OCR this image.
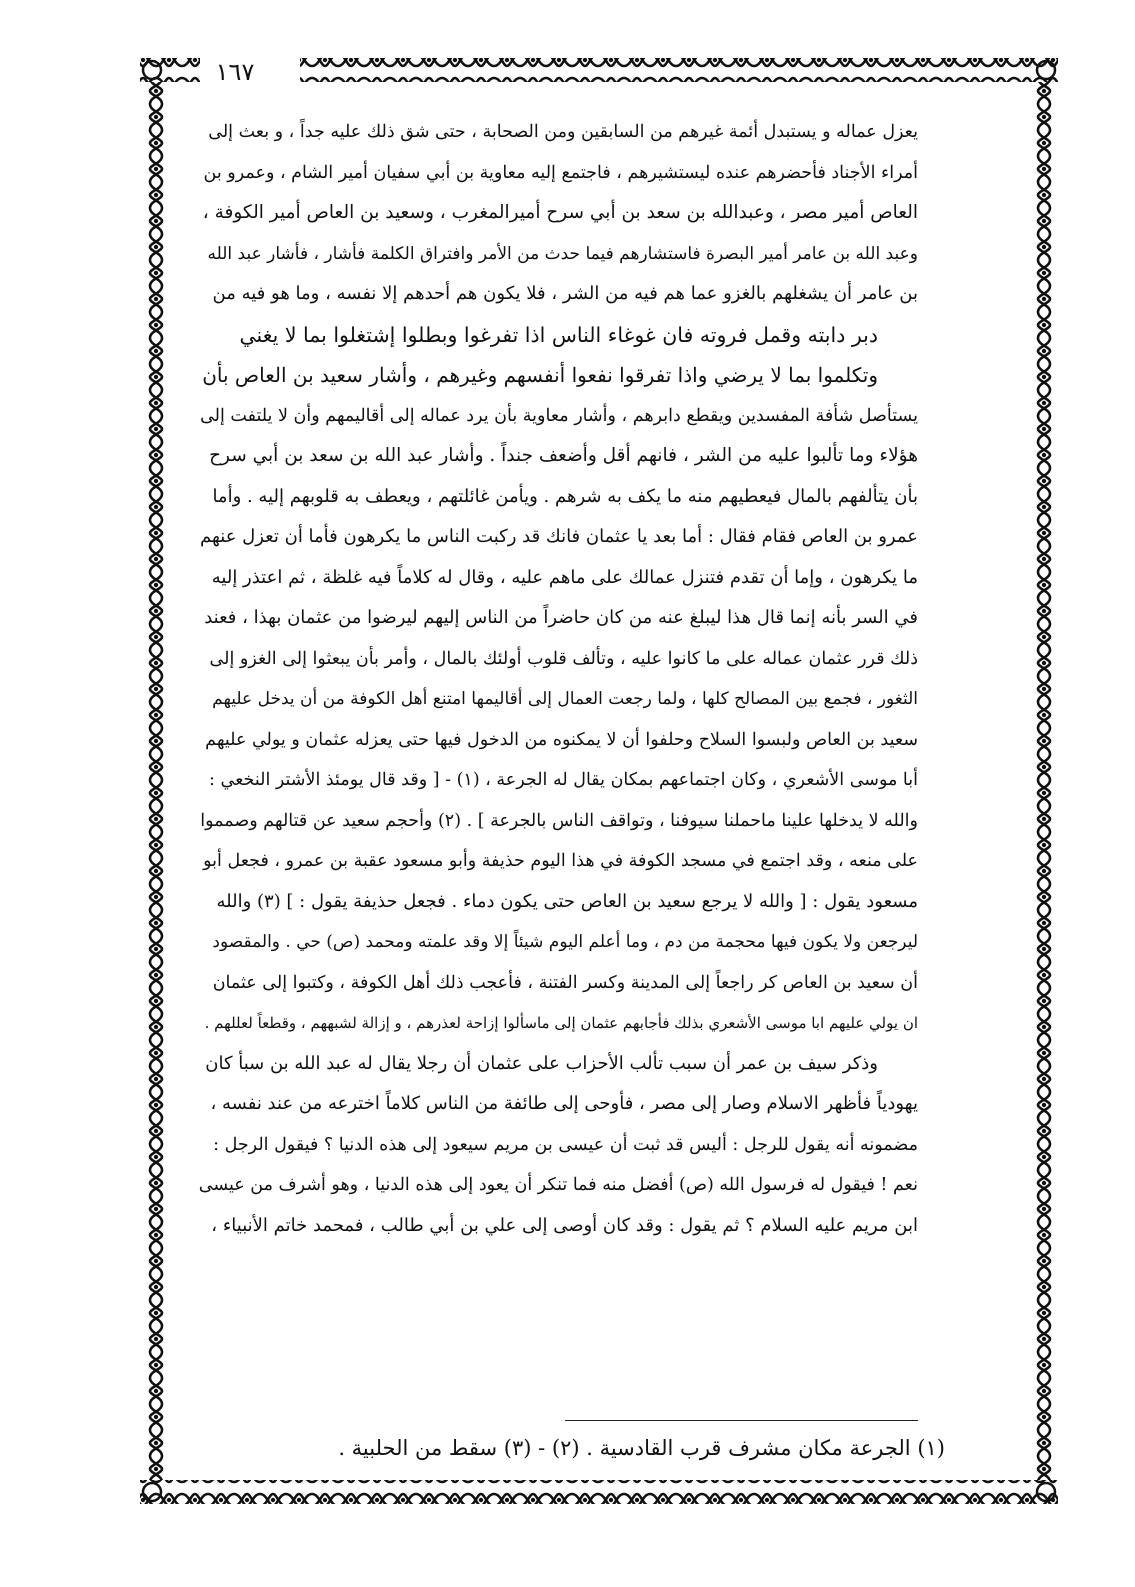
١٦٧
يعزل عماله و يستبدل أئمة غيرهم من السابقين ومن الصحابة ، حتى شق ذلك عليه جداً ، و بعث إلى
أمراء الأجناد فأحضرهم عنده ليستشيرهم ، فاجتمع إليه معاوية بن أبي سفيان أمير الشام ، وعمرو بن
العاص أمير مصر ، وعبدالله بن سعد بن أبي سرح أميرالمغرب ، وسعيد بن العاص أمير الكوفة ،
وعبد الله بن عامر أمير البصرة فاستشارهم فيما حدث من الأمر وافتراق الكلمة فأشار ، فأشار عبد الله
بن عامر أن يشغلهم بالغزو عما هم فيه من الشر ، فلا يكون هم أحدهم إلا نفسه ، وما هو فيه من
دبر دابته وقمل فروته فان غوغاء الناس اذا تفرغوا وبطلوا إشتغلوا بما لا يغني
وتكلموا بما لا يرضي واذا تفرقوا نفعوا أنفسهم وغيرهم ، وأشار سعيد بن العاص بأن
يستأصل شأفة المفسدين ويقطع دابرهم ، وأشار معاوية بأن يرد عماله إلى أقاليمهم وأن لا يلتفت إلى
هؤلاء وما تألبوا عليه من الشر ، فانهم أقل وأضعف جنداً . وأشار عبد الله بن سعد بن أبي سرح
بأن يتألفهم بالمال فيعطيهم منه ما يكف به شرهم . ويأمن غائلتهم ، ويعطف به قلوبهم إليه . وأما
عمرو بن العاص فقام فقال : أما بعد يا عثمان فانك قد ركبت الناس ما يكرهون فأما أن تعزل عنهم
ما يكرهون ، وإما أن تقدم فتنزل عمالك على ماهم عليه ، وقال له كلاماً فيه غلظة ، ثم اعتذر إليه
في السر بأنه إنما قال هذا ليبلغ عنه من كان حاضراً من الناس إليهم ليرضوا من عثمان بهذا ، فعند
ذلك قرر عثمان عماله على ما كانوا عليه ، وتألف قلوب أولئك بالمال ، وأمر بأن يبعثوا إلى الغزو إلى
الثغور ، فجمع بين المصالح كلها ، ولما رجعت العمال إلى أقاليمها امتنع أهل الكوفة من أن يدخل عليهم
سعيد بن العاص ولبسوا السلاح وحلفوا أن لا يمكنوه من الدخول فيها حتى يعزله عثمان و يولي عليهم
أبا موسى الأشعري ، وكان اجتماعهم بمكان يقال له الجرعة ، (١) - [ وقد قال يومئذ الأشتر النخعي :
والله لا يدخلها علينا ماحملنا سيوفنا ، وتواقف الناس بالجرعة ] . (٢) وأحجم سعيد عن قتالهم وصمموا
على منعه ، وقد اجتمع في مسجد الكوفة في هذا اليوم حذيفة وأبو مسعود عقبة بن عمرو ، فجعل أبو
مسعود يقول : [ والله لا يرجع سعيد بن العاص حتى يكون دماء . فجعل حذيفة يقول : ] (٣) والله
ليرجعن ولا يكون فيها محجمة من دم ، وما أعلم اليوم شيئاً إلا وقد علمته ومحمد (ص) حي . والمقصود
أن سعيد بن العاص كر راجعاً إلى المدينة وكسر الفتنة ، فأعجب ذلك أهل الكوفة ، وكتبوا إلى عثمان
ان يولي عليهم ابا موسى الأشعري بذلك فأجابهم عثمان إلى ماسألوا إزاحة لعذرهم ، و إزالة لشبههم ، وقطعاً لعللهم .
وذكر سيف بن عمر أن سبب تألب الأحزاب على عثمان أن رجلا يقال له عبد الله بن سبأ كان
يهودياً فأظهر الاسلام وصار إلى مصر ، فأوحى إلى طائفة من الناس كلاماً اخترعه من عند نفسه ،
مضمونه أنه يقول للرجل : أليس قد ثبت أن عيسى بن مريم سيعود إلى هذه الدنيا ؟ فيقول الرجل :
نعم ! فيقول له فرسول الله (ص) أفضل منه فما تنكر أن يعود إلى هذه الدنيا ، وهو أشرف من عيسى
ابن مريم عليه السلام ؟ ثم يقول : وقد كان أوصى إلى علي بن أبي طالب ، فمحمد خاتم الأنبياء ،
(١) الجرعة مكان مشرف قرب القادسية . (٢) - (٣) سقط من الحلبية .
